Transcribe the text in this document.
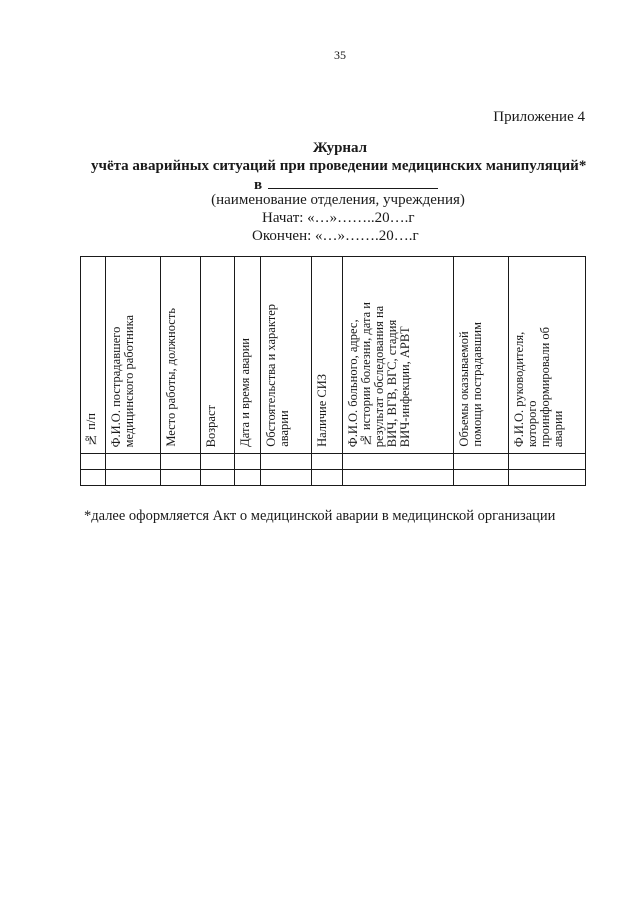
35
Приложение 4
Журнал
учёта аварийных ситуаций при проведении медицинских манипуляций*
в
(наименование отделения, учреждения)
Начат: «…»……..20….г
Окончен: «…»…….20….г
№ п/п	Ф.И.О. пострадавшего
медицинского работника	Место работы, должность	Возраст	Дата и время аварии	Обстоятельства и характер
аварии	Наличие СИЗ	Ф.И.О. больного, адрес,
№ истории болезни, дата и
результат обследования на
ВИЧ, ВГВ, ВГС, стадия
ВИЧ-инфекции, АРВТ	Объемы оказываемой
помощи пострадавшим	Ф.И.О. руководителя,
которого
проинформировали об
аварии

*далее оформляется Акт о медицинской аварии в медицинской организации
